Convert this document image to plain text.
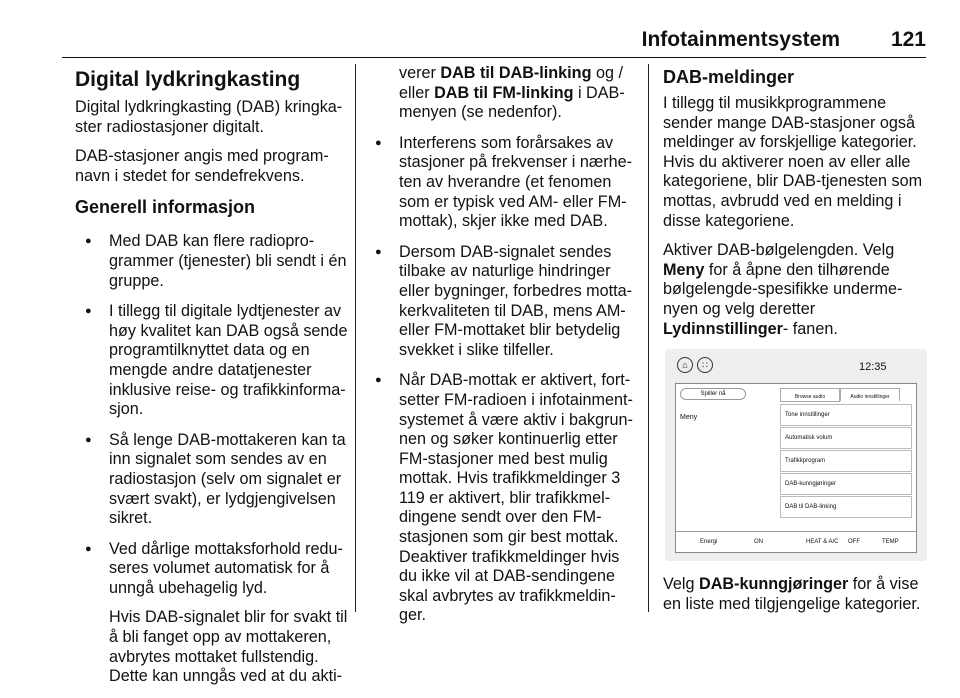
Infotainmentsystem 121
Digital lydkringkasting

Digital lydkringkasting (DAB) kringka- ster radiostasjoner digitalt.

DAB-stasjoner angis med program- navn i stedet for sendefrekvens.

Generell informasjon
● Med DAB kan flere radiopro- grammer (tjenester) bli sendt i én gruppe.
● I tillegg til digitale lydtjenester av høy kvalitet kan DAB også sende programtilknyttet data og en mengde andre datatjenester inklusive reise- og trafikkinforma- sjon.
● Så lenge DAB-mottakeren kan ta inn signalet som sendes av en radiostasjon (selv om signalet er svært svakt), er lydgjengivelsen sikret.

● Ved dårlige mottaksforhold redu- seres volumet automatisk for å unngå ubehagelig lyd.

Hvis DAB-signalet blir for svakt til å bli fanget opp av mottakeren, avbrytes mottaket fullstendig. Dette kan unngås ved at du akti-

verer DAB til DAB-linking og / eller DAB til FM-linking i DAB- menyen (se nedenfor).
● Interferens som forårsakes av stasjoner på frekvenser i nærhe- ten av hverandre (et fenomen som er typisk ved AM- eller FM- mottak), skjer ikke med DAB.
● Dersom DAB-signalet sendes tilbake av naturlige hindringer eller bygninger, forbedres motta- kerkvaliteten til DAB, mens AM- eller FM-mottaket blir betydelig svekket i slike tilfeller.
● Når DAB-mottak er aktivert, fort- setter FM-radioen i infotainment- systemet å være aktiv i bakgrun- nen og søker kontinuerlig etter FM-stasjoner med best mulig mottak. Hvis trafikkmeldinger 3 119 er aktivert, blir trafikkmel- dingene sendt over den FM- stasjonen som gir best mottak. Deaktiver trafikkmeldinger hvis du ikke vil at DAB-sendingene skal avbrytes av trafikkmeldin- ger.
DAB-meldinger

I tillegg til musikkprogrammene sender mange DAB-stasjoner også meldinger av forskjellige kategorier. Hvis du aktiverer noen av eller alle kategoriene, blir DAB-tjenesten som mottas, avbrudd ved en melding i disse kategoriene.

Aktiver DAB-bølgelengden. Velg Meny for å åpne den tilhørende bølgelengde-spesifikke underme- nyen og velg deretter Lydinnstillinger- fanen.

⌂	∷	12:35
Spiller nå
Meny
Browse audio	Audio innstillinger
Tone innstillinger
Automatisk volum
Trafikkprogram
DAB-kunngjøringer
DAB til DAB-linking
Energi	ON	HEAT & A/C OFF	TEMP

Velg DAB-kunngjøringer for å vise en liste med tilgjengelige kategorier.
